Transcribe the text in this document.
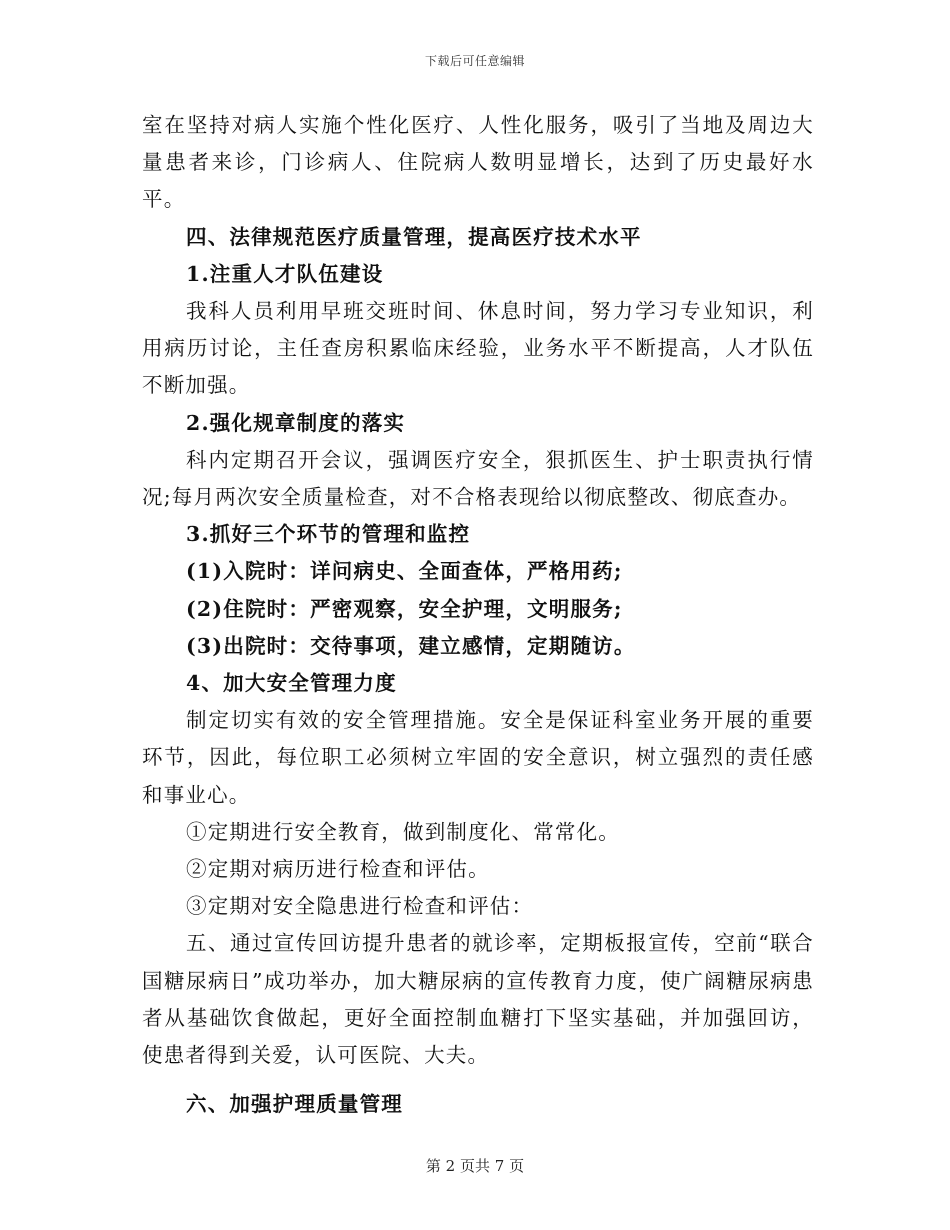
下载后可任意编辑

室在坚持对病人实施个性化医疗、人性化服务，吸引了当地及周边大量患者来诊，门诊病人、住院病人数明显增长，达到了历史最好水平。

四、法律规范医疗质量管理，提高医疗技术水平

1.注重人才队伍建设

我科人员利用早班交班时间、休息时间，努力学习专业知识，利用病历讨论，主任查房积累临床经验，业务水平不断提高，人才队伍不断加强。

2.强化规章制度的落实

科内定期召开会议，强调医疗安全，狠抓医生、护士职责执行情况;每月两次安全质量检查，对不合格表现给以彻底整改、彻底查办。

3.抓好三个环节的管理和监控

(1)入院时：详问病史、全面查体，严格用药;

(2)住院时：严密观察，安全护理，文明服务;

(3)出院时：交待事项，建立感情，定期随访。

4、加大安全管理力度

制定切实有效的安全管理措施。安全是保证科室业务开展的重要环节，因此，每位职工必须树立牢固的安全意识，树立强烈的责任感和事业心。

①定期进行安全教育，做到制度化、常常化。

②定期对病历进行检查和评估。

③定期对安全隐患进行检查和评估：

五、通过宣传回访提升患者的就诊率，定期板报宣传，空前“联合国糖尿病日”成功举办，加大糖尿病的宣传教育力度，使广阔糖尿病患者从基础饮食做起，更好全面控制血糖打下坚实基础，并加强回访，使患者得到关爱，认可医院、大夫。

六、加强护理质量管理

第 2 页共 7 页
